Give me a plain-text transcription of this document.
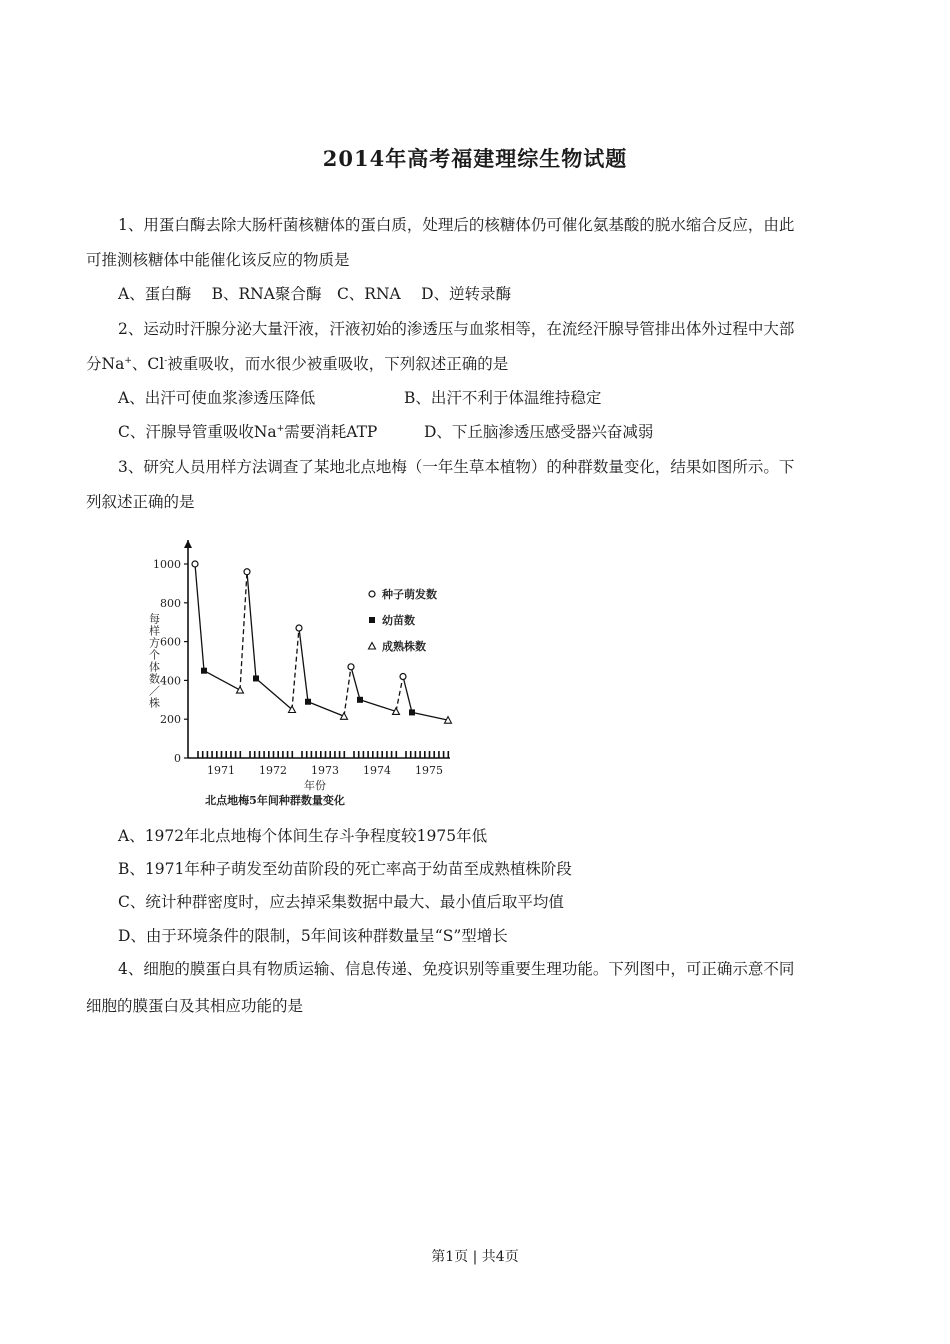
2014年高考福建理综生物试题
1、用蛋白酶去除大肠杆菌核糖体的蛋白质，处理后的核糖体仍可催化氨基酸的脱水缩合反应，由此
可推测核糖体中能催化该反应的物质是
A、蛋白酶　 B、RNA聚合酶　C、RNA　 D、逆转录酶
2、运动时汗腺分泌大量汗液，汗液初始的渗透压与血浆相等，在流经汗腺导管排出体外过程中大部
分Na+、Cl-被重吸收，而水很少被重吸收，下列叙述正确的是
A、出汗可使血浆渗透压降低	B、出汗不利于体温维持稳定
C、汗腺导管重吸收Na+需要消耗ATP	D、下丘脑渗透压感受器兴奋减弱
3、研究人员用样方法调查了某地北点地梅（一年生草本植物）的种群数量变化，结果如图所示。下
列叙述正确的是
0
200
400
600
800
1000
每样方个体数／株
1971 1972 1973 1974 1975
年份
北点地梅5年间种群数量变化
种子萌发数
幼苗数
成熟株数
A、1972年北点地梅个体间生存斗争程度较1975年低
B、1971年种子萌发至幼苗阶段的死亡率高于幼苗至成熟植株阶段
C、统计种群密度时，应去掉采集数据中最大、最小值后取平均值
D、由于环境条件的限制，5年间该种群数量呈“S”型增长
4、细胞的膜蛋白具有物质运输、信息传递、免疫识别等重要生理功能。下列图中，可正确示意不同
细胞的膜蛋白及其相应功能的是
第1页 | 共4页
